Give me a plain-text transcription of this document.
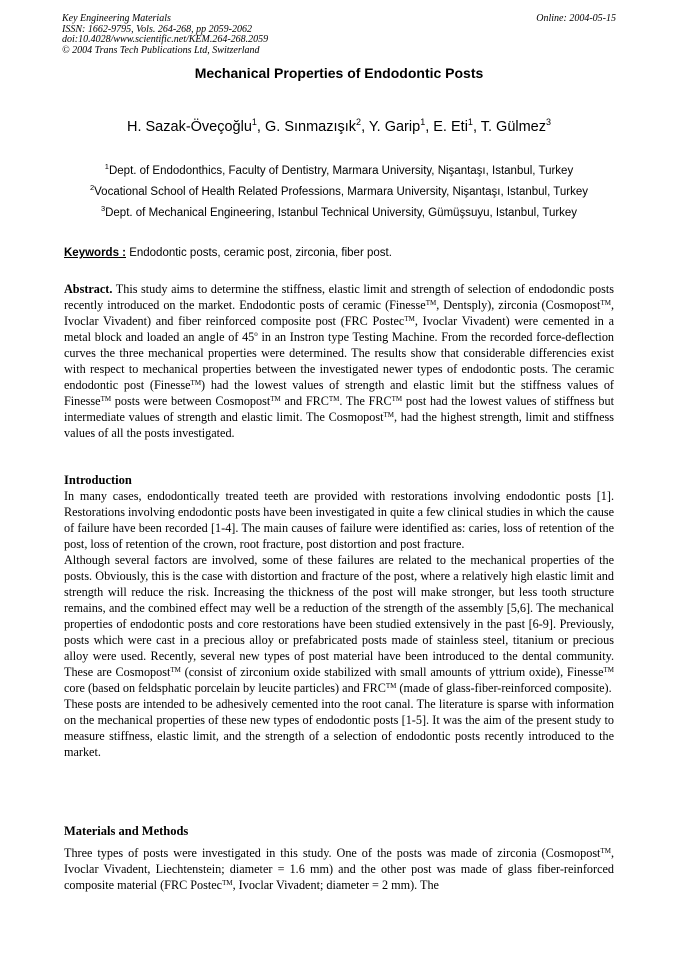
Key Engineering Materials
ISSN: 1662-9795, Vols. 264-268, pp 2059-2062
doi:10.4028/www.scientific.net/KEM.264-268.2059
© 2004 Trans Tech Publications Ltd, Switzerland
Online: 2004-05-15
Mechanical Properties of Endodontic Posts
H. Sazak-Öveçoğlu$^1$, G. Sınmazışık$^2$, Y. Garip$^1$, E. Eti$^1$, T. Gülmez$^3$
$^1$Dept. of Endodonthics, Faculty of Dentistry, Marmara University, Nişantaşı, Istanbul, Turkey
$^2$Vocational School of Health Related Professions, Marmara University, Nişantaşı, Istanbul, Turkey
$^3$Dept. of Mechanical Engineering, Istanbul Technical University, Gümüşsuyu, Istanbul, Turkey
Keywords : Endodontic posts, ceramic post, zirconia, fiber post.

Abstract. This study aims to determine the stiffness, elastic limit and strength of selection of endodondic posts recently introduced on the market. Endodontic posts of ceramic (Finesse™, Dentsply), zirconia (Cosmopost™, Ivoclar Vivadent) and fiber reinforced composite post (FRC Postec™, Ivoclar Vivadent) were cemented in a metal block and loaded an angle of 45$^o$ in an Instron type Testing Machine. From the recorded force-deflection curves the three mechanical properties were determined. The results show that considerable differencies exist with respect to mechanical properties between the investigated newer types of endodontic posts. The ceramic endodontic post (Finesse™) had the lowest values of strength and elastic limit but the stiffness values of Finesse™ posts were between Cosmopost™ and FRC™. The FRC™ post had the lowest values of stiffness but intermediate values of strength and elastic limit. The Cosmopost™, had the highest strength, limit and stiffness values of all the posts investigated.

Introduction

In many cases, endodontically treated teeth are provided with restorations involving endodontic posts [1]. Restorations involving endodontic posts have been investigated in quite a few clinical studies in which the cause of failure have been recorded [1-4]. The main causes of failure were identified as: caries, loss of retention of the post, loss of retention of the crown, root fracture, post distortion and post fracture.

Although several factors are involved, some of these failures are related to the mechanical properties of the posts. Obviously, this is the case with distortion and fracture of the post, where a relatively high elastic limit and strength will reduce the risk. Increasing the thickness of the post will make stronger, but less tooth structure remains, and the combined effect may well be a reduction of the strength of the assembly [5,6]. The mechanical properties of endodontic posts and core restorations have been studied extensively in the past [6-9]. Previously, posts which were cast in a precious alloy or prefabricated posts made of stainless steel, titanium or precious alloy were used. Recently, several new types of post material have been introduced to the dental community. These are Cosmopost™ (consist of zirconium oxide stabilized with small amounts of yttrium oxide), Finesse™ core (based on feldsphatic porcelain by leucite particles) and FRC™ (made of glass-fiber-reinforced composite).

These posts are intended to be adhesively cemented into the root canal. The literature is sparse with information on the mechanical properties of these new types of endodontic posts [1-5]. It was the aim of the present study to measure stiffness, elastic limit, and the strength of a selection of endodontic posts recently introduced to the market.

Materials and Methods

Three types of posts were investigated in this study. One of the posts was made of zirconia (Cosmopost™, Ivoclar Vivadent, Liechtenstein; diameter = 1.6 mm) and the other post was made of glass fiber-reinforced composite material (FRC Postec™, Ivoclar Vivadent; diameter = 2 mm). The
